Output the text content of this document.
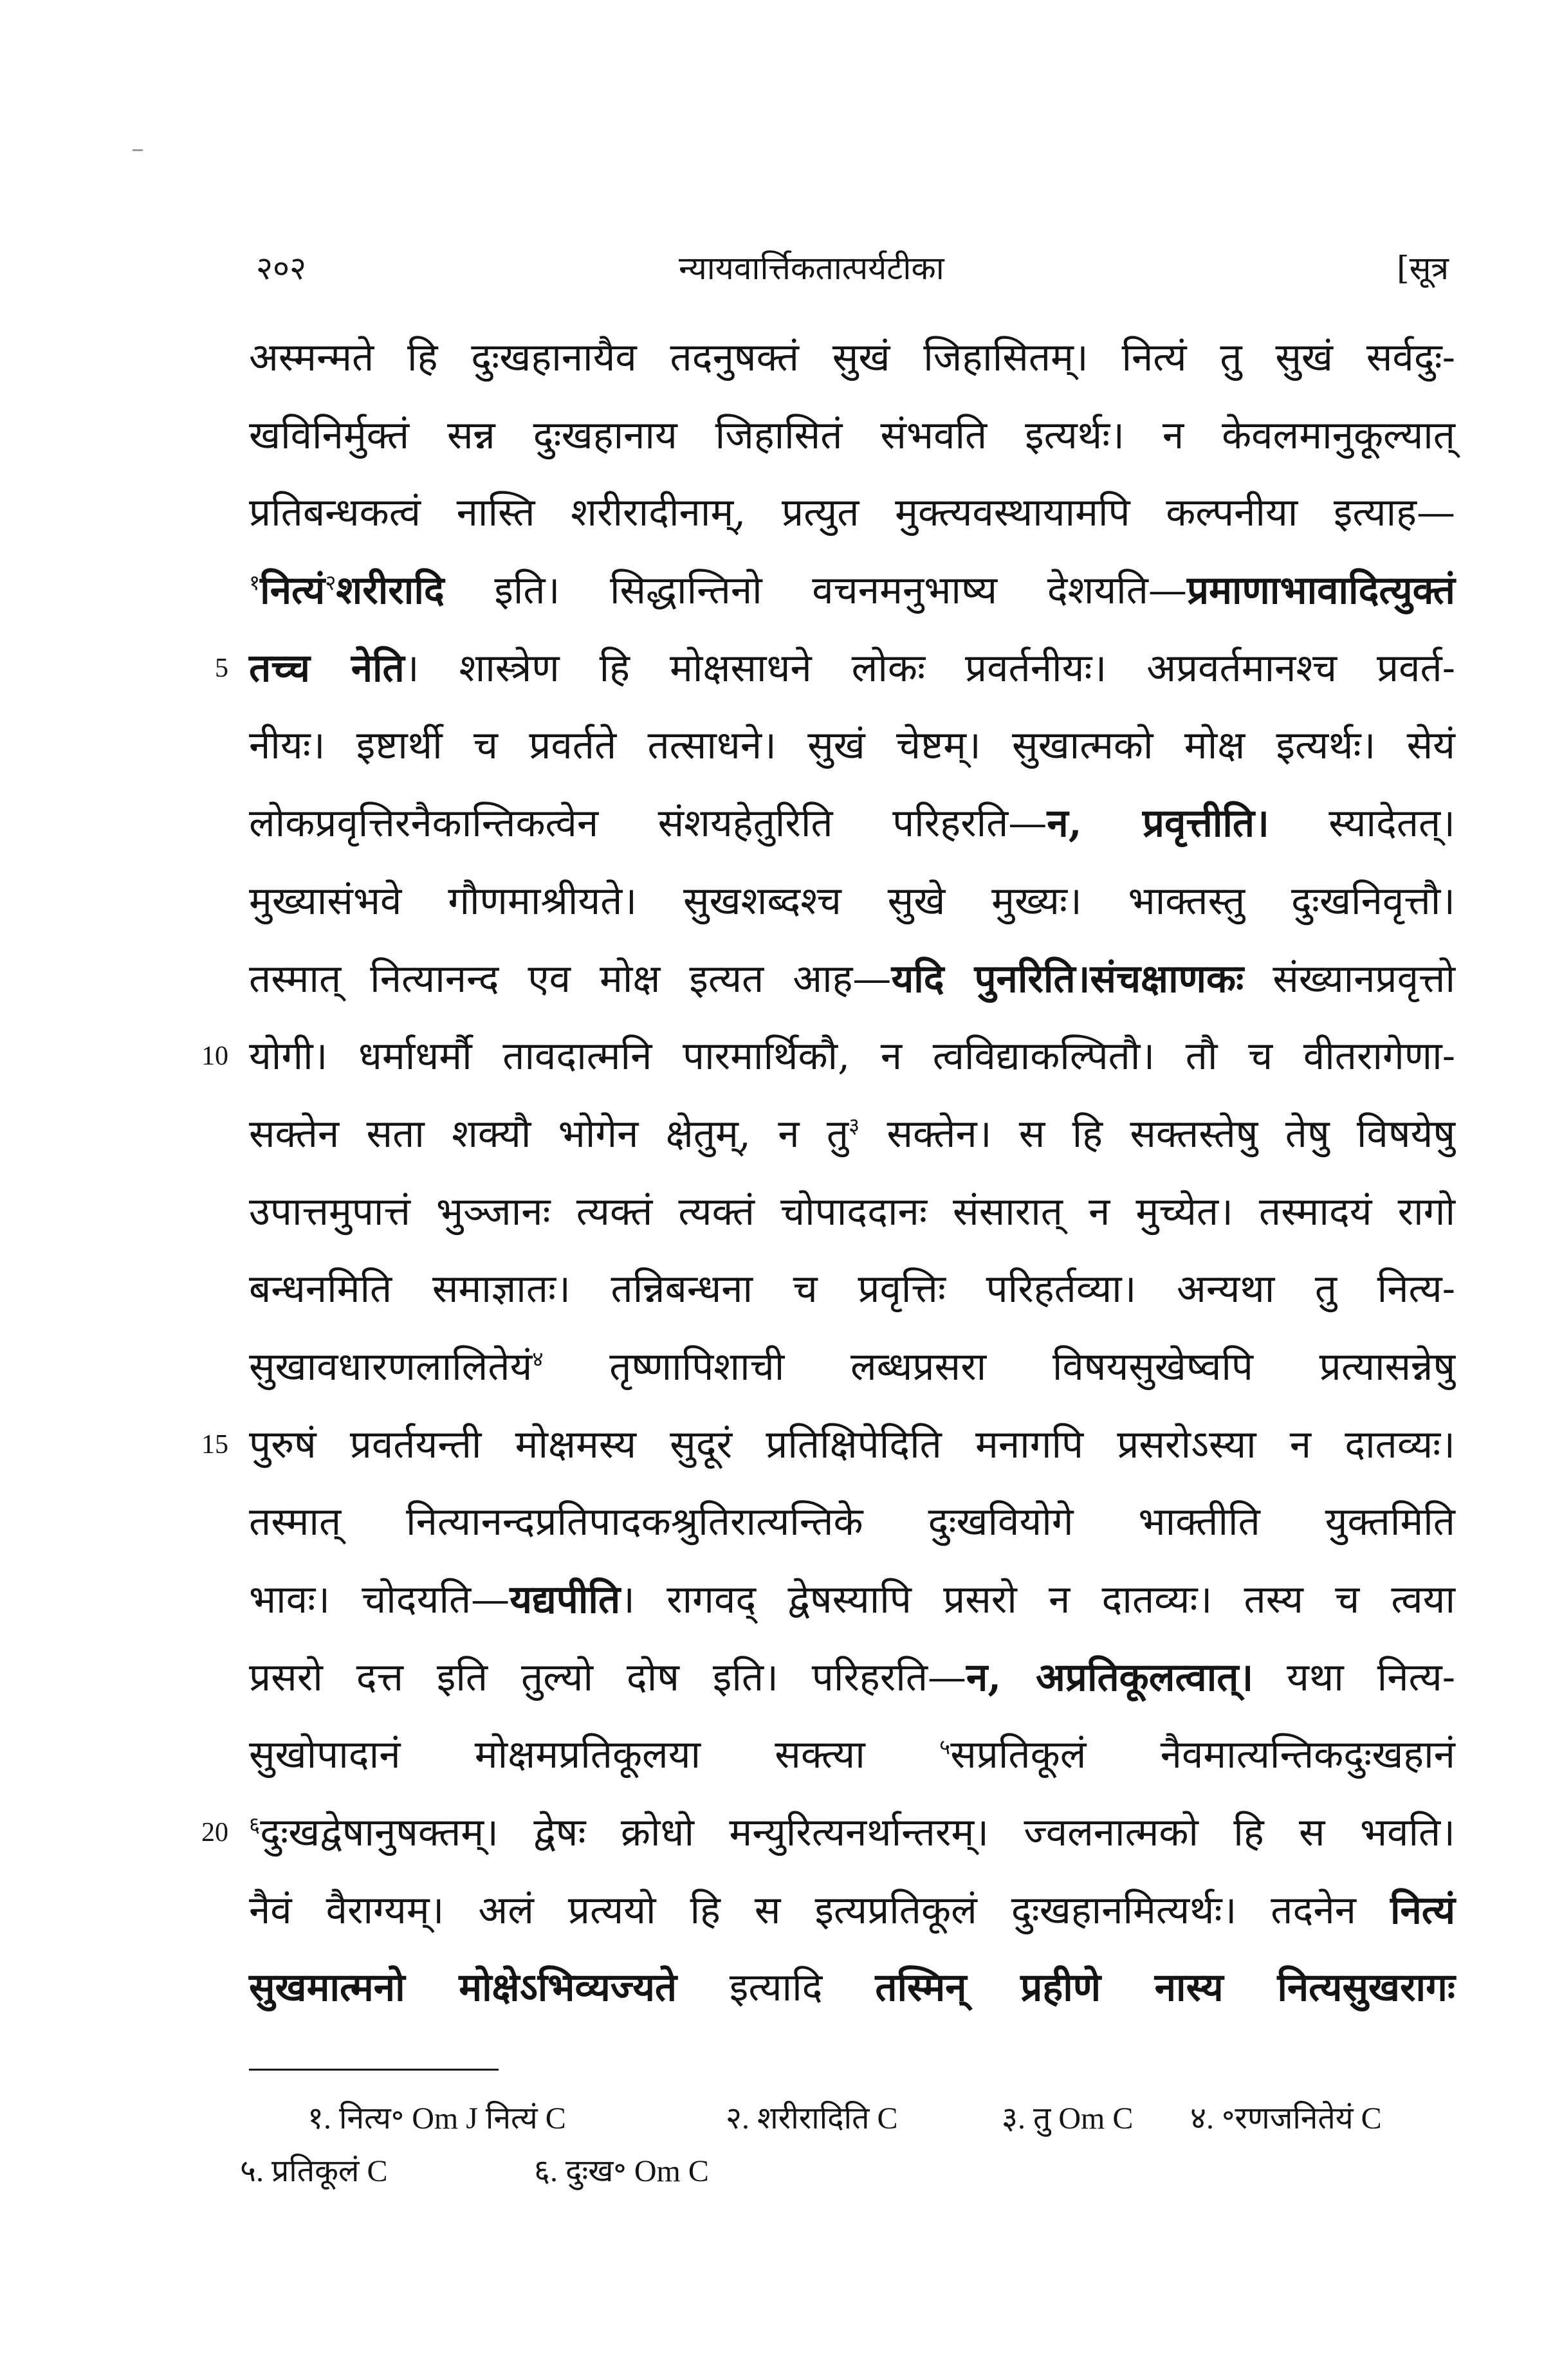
२०२	न्यायवार्त्तिकतात्पर्यटीका	[सूत्र
अस्मन्मते हि दुःखहानायैव तदनुषक्तं सुखं जिहासितम्। नित्यं तु सुखं सर्वदुः-
खविनिर्मुक्तं सन्न दुःखहानाय जिहासितं संभवति इत्यर्थः। न केवलमानुकूल्यात्
प्रतिबन्धकत्वं नास्ति शरीरादीनाम्, प्रत्युत मुक्त्यवस्थायामपि कल्पनीया इत्याह—
$^१$नित्यं$^२$शरीरादि इति। सिद्धान्तिनो वचनमनुभाष्य देशयति—प्रमाणाभावादित्युक्तं
5 तच्च नेति। शास्त्रेण हि मोक्षसाधने लोकः प्रवर्तनीयः। अप्रवर्तमानश्च प्रवर्त-
नीयः। इष्टार्थी च प्रवर्तते तत्साधने। सुखं चेष्टम्। सुखात्मको मोक्ष इत्यर्थः। सेयं
लोकप्रवृत्तिरनैकान्तिकत्वेन संशयहेतुरिति परिहरति—न, प्रवृत्तीति। स्यादेतत्।
मुख्यासंभवे गौणमाश्रीयते। सुखशब्दश्च सुखे मुख्यः। भाक्तस्तु दुःखनिवृत्तौ।
तस्मात् नित्यानन्द एव मोक्ष इत्यत आह—यदि पुनरिति।संचक्षाणकः संख्यानप्रवृत्तो
10 योगी। धर्माधर्मौ तावदात्मनि पारमार्थिकौ, न त्वविद्याकल्पितौ। तौ च वीतरागेणा-
सक्तेन सता शक्यौ भोगेन क्षेतुम्, न तु$^३$ सक्तेन। स हि सक्तस्तेषु तेषु विषयेषु
उपात्तमुपात्तं भुञ्जानः त्यक्तं त्यक्तं चोपाददानः संसारात् न मुच्येत। तस्मादयं रागो
बन्धनमिति समाज्ञातः। तन्निबन्धना च प्रवृत्तिः परिहर्तव्या। अन्यथा तु नित्य-
सुखावधारणलालितेयं$^४$ तृष्णापिशाची लब्धप्रसरा विषयसुखेष्वपि प्रत्यासन्नेषु
15 पुरुषं प्रवर्तयन्ती मोक्षमस्य सुदूरं प्रतिक्षिपेदिति मनागपि प्रसरोऽस्या न दातव्यः।
तस्मात् नित्यानन्दप्रतिपादकश्रुतिरात्यन्तिके दुःखवियोगे भाक्तीति युक्तमिति
भावः। चोदयति—यद्यपीति। रागवद् द्वेषस्यापि प्रसरो न दातव्यः। तस्य च त्वया
प्रसरो दत्त इति तुल्यो दोष इति। परिहरति—न, अप्रतिकूलत्वात्। यथा नित्य-
सुखोपादानं मोक्षमप्रतिकूलया सक्त्या $^५$सप्रतिकूलं नैवमात्यन्तिकदुःखहानं
20 $^६$दुःखद्वेषानुषक्तम्। द्वेषः क्रोधो मन्युरित्यनर्थान्तरम्। ज्वलनात्मको हि स भवति।
नैवं वैराग्यम्। अलं प्रत्ययो हि स इत्यप्रतिकूलं दुःखहानमित्यर्थः। तदनेन नित्यं
सुखमात्मनो मोक्षेऽभिव्यज्यते इत्यादि तस्मिन् प्रहीणे नास्य नित्यसुखरागः
१. नित्य॰ Om J नित्यं C	२. शरीरादिति C	३. तु Om C	४. ॰रणजनितेयं C
५. प्रतिकूलं C	६. दुःख॰ Om C
